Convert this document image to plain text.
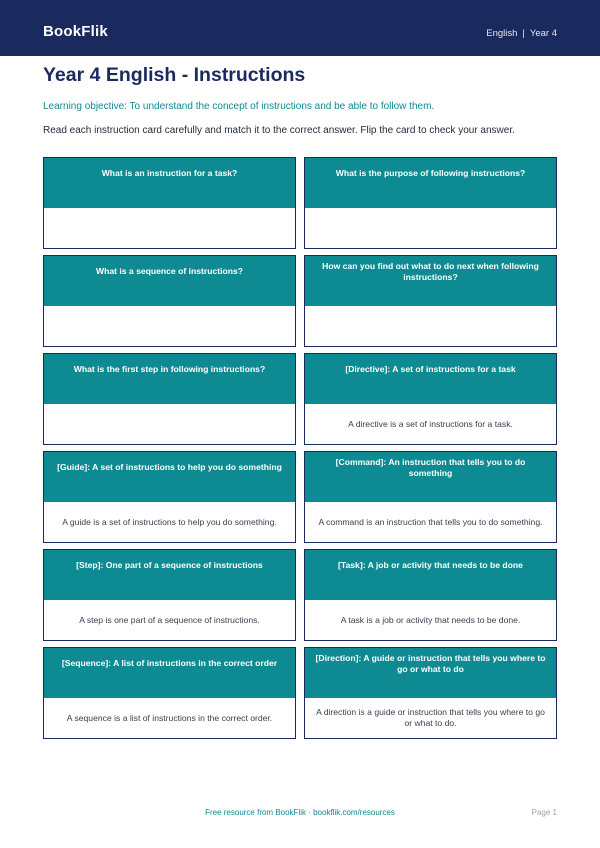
BookFlik	English | Year 4
Year 4 English - Instructions
Learning objective: To understand the concept of instructions and be able to follow them.
Read each instruction card carefully and match it to the correct answer. Flip the card to check your answer.
What is an instruction for a task?	What is the purpose of following instructions?
What is a sequence of instructions?	How can you find out what to do next when following instructions?
What is the first step in following instructions?	[Directive]: A set of instructions for a task
A directive is a set of instructions for a task.
[Guide]: A set of instructions to help you do something
A guide is a set of instructions to help you do something.
[Command]: An instruction that tells you to do something
A command is an instruction that tells you to do something.
[Step]: One part of a sequence of instructions
A step is one part of a sequence of instructions.
[Task]: A job or activity that needs to be done
A task is a job or activity that needs to be done.
[Sequence]: A list of instructions in the correct order
A sequence is a list of instructions in the correct order.
[Direction]: A guide or instruction that tells you where to go or what to do
A direction is a guide or instruction that tells you where to go or what to do.
Free resource from BookFlik · bookflik.com/resources	Page 1
